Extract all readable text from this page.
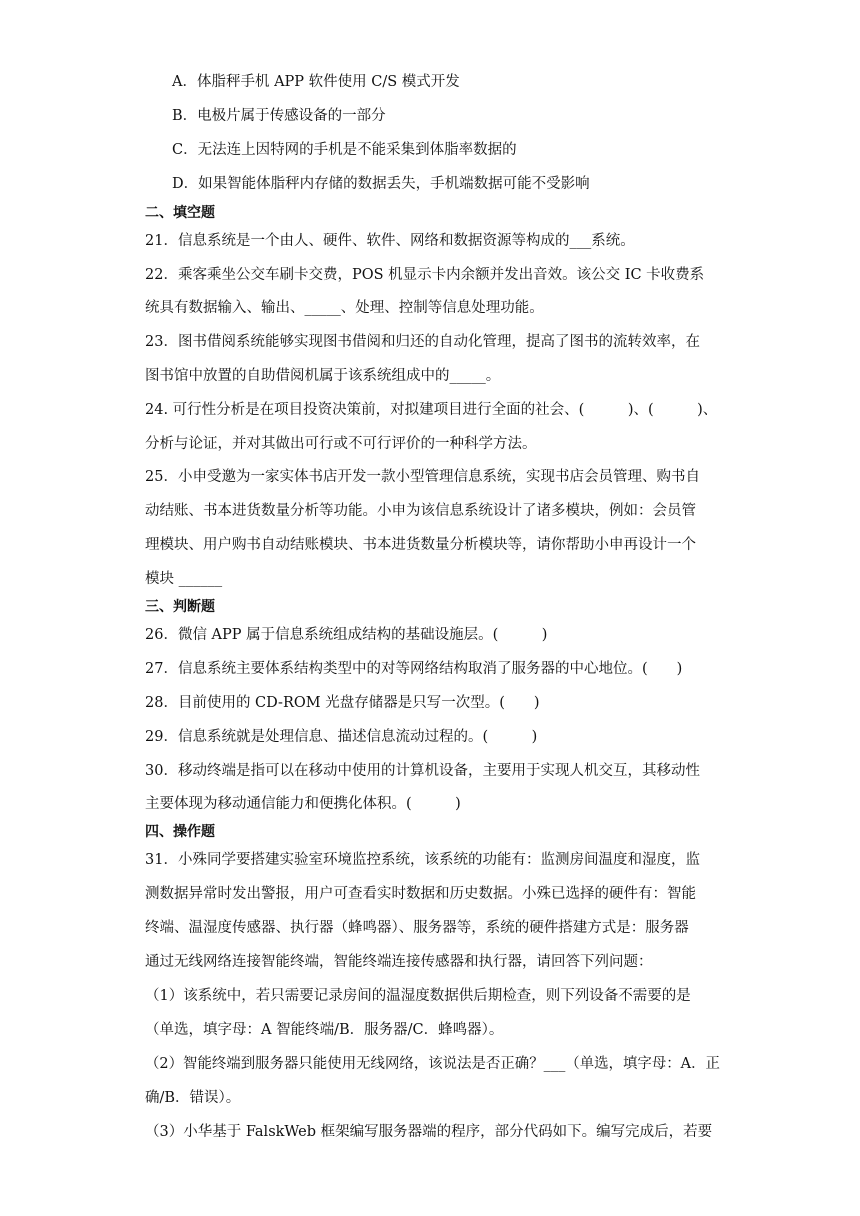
A．体脂秤手机 APP 软件使用 C/S 模式开发
B．电极片属于传感设备的一部分
C．无法连上因特网的手机是不能采集到体脂率数据的
D．如果智能体脂秤内存储的数据丢失，手机端数据可能不受影响
二、填空题
21．信息系统是一个由人、硬件、软件、网络和数据资源等构成的___系统。
22．乘客乘坐公交车刷卡交费，POS 机显示卡内余额并发出音效。该公交 IC 卡收费系
统具有数据输入、输出、_____、处理、控制等信息处理功能。
23．图书借阅系统能够实现图书借阅和归还的自动化管理，提高了图书的流转效率，在
图书馆中放置的自助借阅机属于该系统组成中的_____。
24. 可行性分析是在项目投资决策前，对拟建项目进行全面的社会、(　　　)、(　　　)、
分析与论证，并对其做出可行或不可行评价的一种科学方法。
25．小申受邀为一家实体书店开发一款小型管理信息系统，实现书店会员管理、购书自
动结账、书本进货数量分析等功能。小申为该信息系统设计了诸多模块，例如：会员管
理模块、用户购书自动结账模块、书本进货数量分析模块等，请你帮助小申再设计一个
模块 ______
三、判断题
26．微信 APP 属于信息系统组成结构的基础设施层。(　　　)
27．信息系统主要体系结构类型中的对等网络结构取消了服务器的中心地位。(　　)
28．目前使用的 CD-ROM 光盘存储器是只写一次型。(　　)
29．信息系统就是处理信息、描述信息流动过程的。(　　　)
30．移动终端是指可以在移动中使用的计算机设备，主要用于实现人机交互，其移动性
主要体现为移动通信能力和便携化体积。(　　　)
四、操作题
31．小殊同学要搭建实验室环境监控系统，该系统的功能有：监测房间温度和湿度，监
测数据异常时发出警报，用户可查看实时数据和历史数据。小殊已选择的硬件有：智能
终端、温湿度传感器、执行器（蜂鸣器）、服务器等，系统的硬件搭建方式是：服务器
通过无线网络连接智能终端，智能终端连接传感器和执行器，请回答下列问题：
（1）该系统中，若只需要记录房间的温湿度数据供后期检查，则下列设备不需要的是
（单选，填字母：A 智能终端/B．服务器/C．蜂鸣器）。
（2）智能终端到服务器只能使用无线网络，该说法是否正确？___（单选，填字母：A．正
确/B．错误）。
（3）小华基于 FalskWeb 框架编写服务器端的程序，部分代码如下。编写完成后，若要
